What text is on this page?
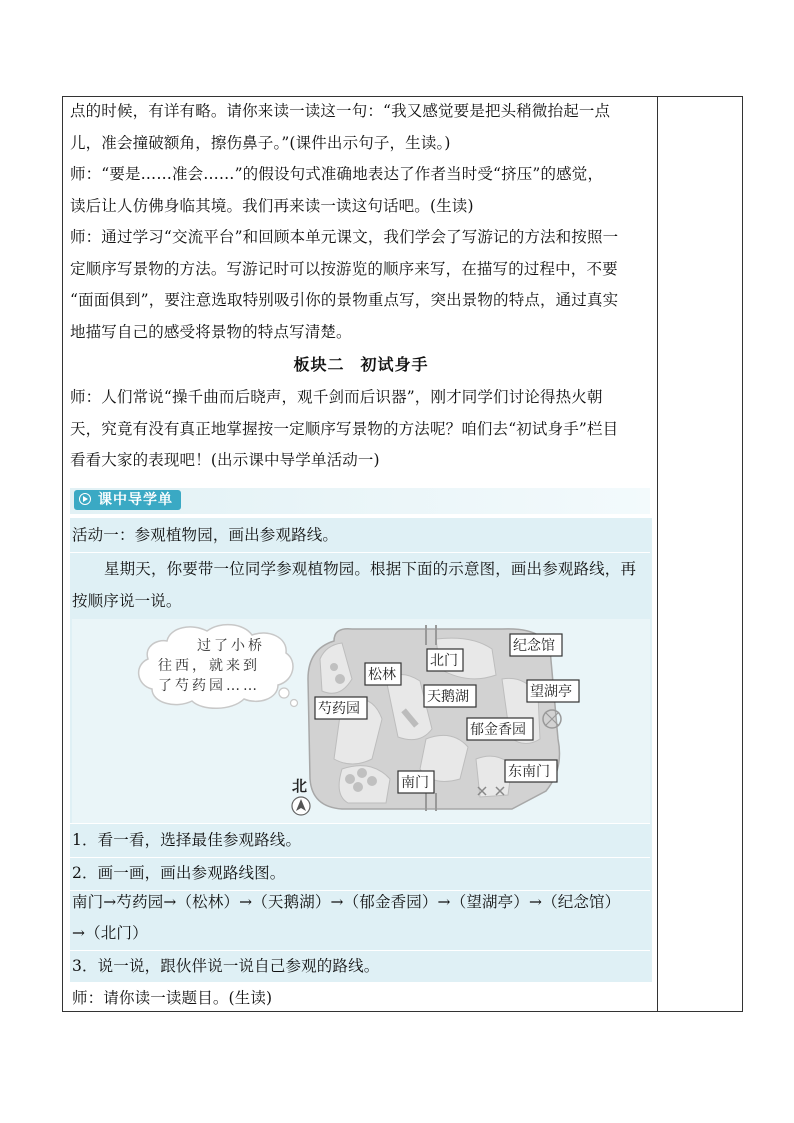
点的时候，有详有略。请你来读一读这一句：“我又感觉要是把头稍微抬起一点
儿，准会撞破额角，擦伤鼻子。”(课件出示句子，生读。)
师：“要是……准会……”的假设句式准确地表达了作者当时受“挤压”的感觉，
读后让人仿佛身临其境。我们再来读一读这句话吧。(生读)
师：通过学习“交流平台”和回顾本单元课文，我们学会了写游记的方法和按照一
定顺序写景物的方法。写游记时可以按游览的顺序来写，在描写的过程中，不要
“面面俱到”，要注意选取特别吸引你的景物重点写，突出景物的特点，通过真实
地描写自己的感受将景物的特点写清楚。
板块二 初试身手
师：人们常说“操千曲而后晓声，观千剑而后识器”，刚才同学们讨论得热火朝
天，究竟有没有真正地掌握按一定顺序写景物的方法呢？咱们去“初试身手”栏目
看看大家的表现吧！(出示课中导学单活动一)
课中导学单
活动一：参观植物园，画出参观路线。
星期天，你要带一位同学参观植物园。根据下面的示意图，画出参观路线，再
按顺序说一说。
1．看一看，选择最佳参观路线。
2．画一画，画出参观路线图。
南门→芍药园→（松林）→（天鹅湖）→（郁金香园）→（望湖亭）→（纪念馆）
→（北门）
3．说一说，跟伙伴说一说自己参观的路线。
过了小桥
往西，就来到
了芍药园……
北门
松林
纪念馆
天鹅湖	望湖亭
芍药园
郁金香园
南门
东南门
北
师：请你读一读题目。(生读)
